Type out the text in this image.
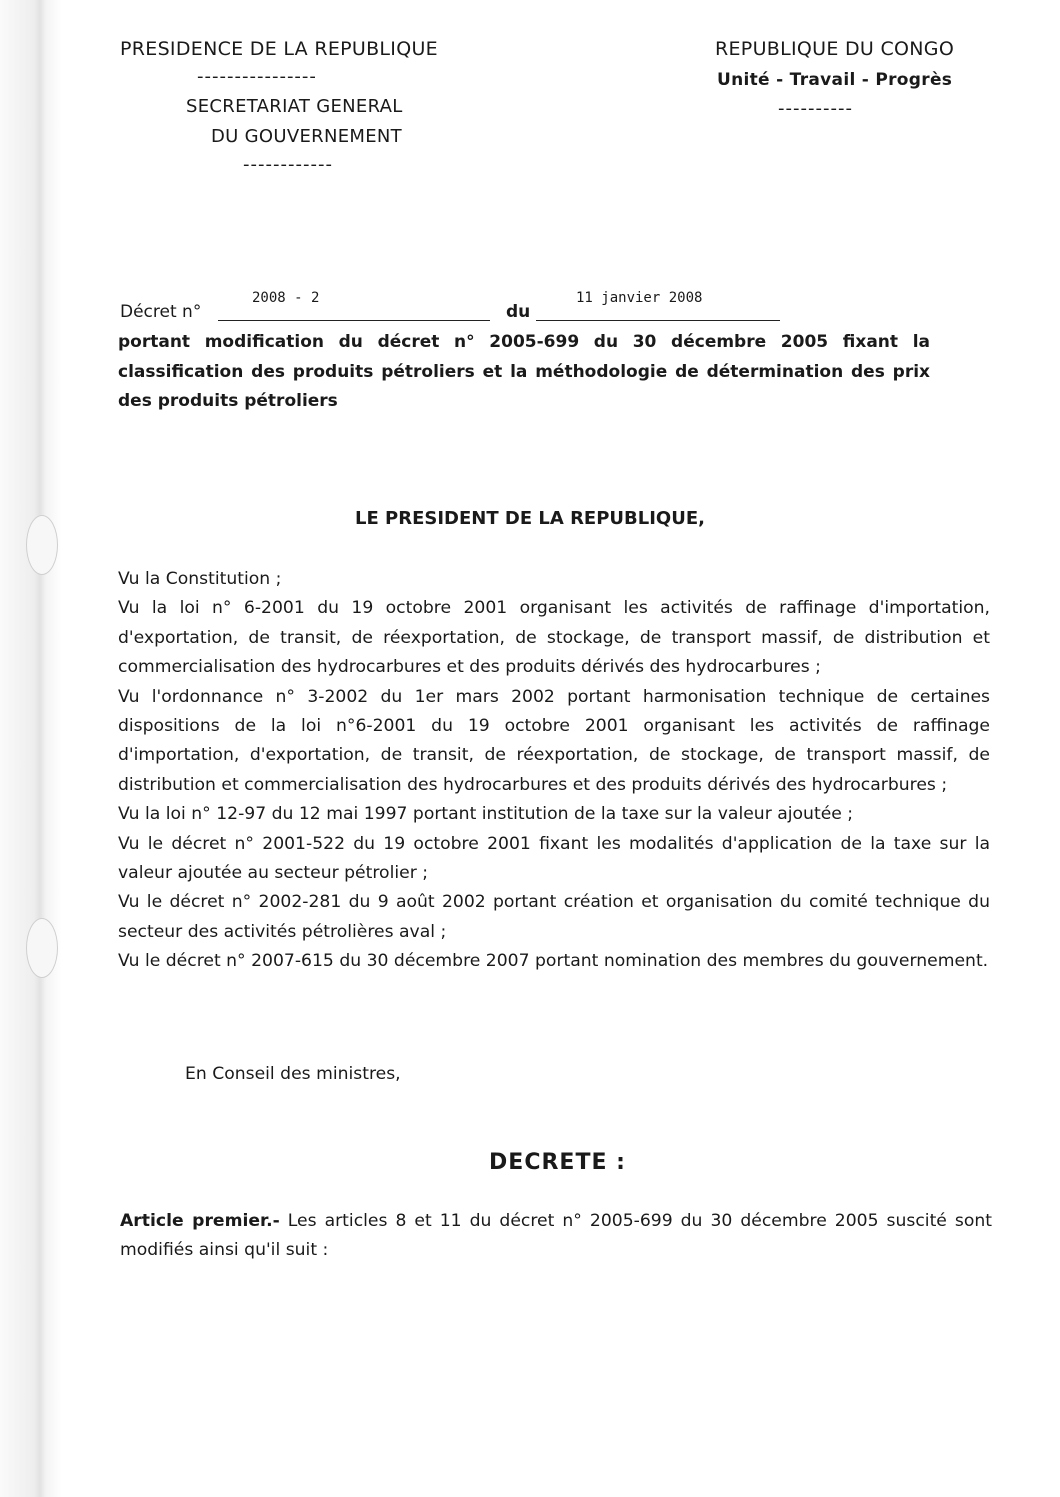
PRESIDENCE DE LA REPUBLIQUE
----------------
SECRETARIAT GENERAL
DU GOUVERNEMENT
------------
REPUBLIQUE DU CONGO
Unité - Travail - Progrès
----------
Décret n°
2008 - 2
du
11 janvier 2008
portant modification du décret n° 2005-699 du 30 décembre 2005 fixant la classification des produits pétroliers et la méthodologie de détermination des prix des produits pétroliers
LE PRESIDENT DE LA REPUBLIQUE,

Vu la Constitution ;

Vu la loi n° 6-2001 du 19 octobre 2001 organisant les activités de raffinage d'importation, d'exportation, de transit, de réexportation, de stockage, de transport massif, de distribution et commercialisation des hydrocarbures et des produits dérivés des hydrocarbures ;

Vu l'ordonnance n° 3-2002 du 1er mars 2002 portant harmonisation technique de certaines dispositions de la loi n°6-2001 du 19 octobre 2001 organisant les activités de raffinage d'importation, d'exportation, de transit, de réexportation, de stockage, de transport massif, de distribution et commercialisation des hydrocarbures et des produits dérivés des hydrocarbures ;

Vu la loi n° 12-97 du 12 mai 1997 portant institution de la taxe sur la valeur ajoutée ;

Vu le décret n° 2001-522 du 19 octobre 2001 fixant les modalités d'application de la taxe sur la valeur ajoutée au secteur pétrolier ;

Vu le décret n° 2002-281 du 9 août 2002 portant création et organisation du comité technique du secteur des activités pétrolières aval ;

Vu le décret n° 2007-615 du 30 décembre 2007 portant nomination des membres du gouvernement.

En Conseil des ministres,
DECRETE :
Article premier.- Les articles 8 et 11 du décret n° 2005-699 du 30 décembre 2005 suscité sont modifiés ainsi qu'il suit :
